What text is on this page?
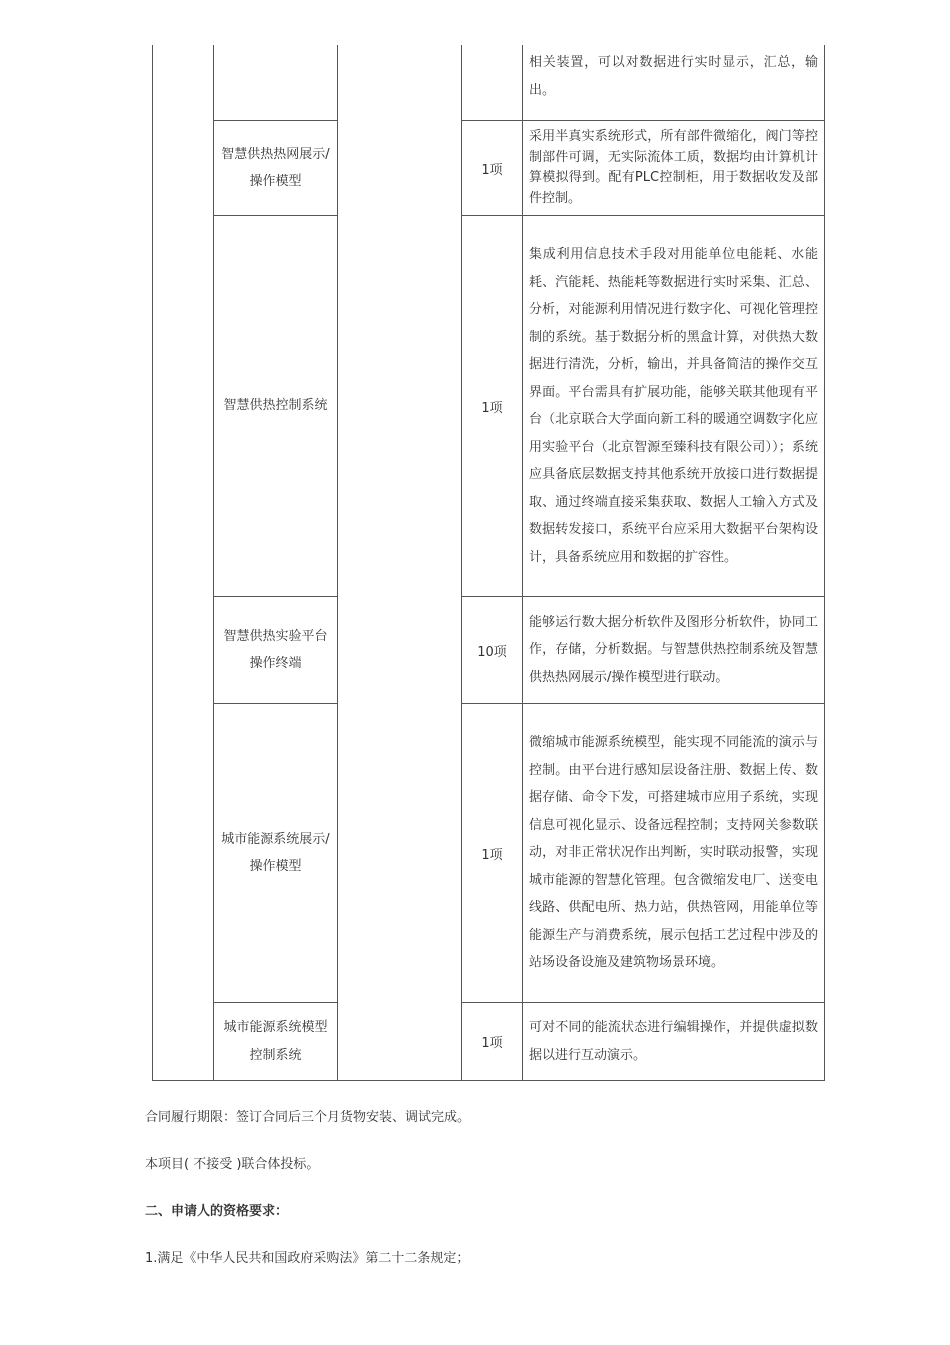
相关装置，可以对数据进行实时显示，汇总，输出。
智慧供热热网展示/操作模型
1项
采用半真实系统形式，所有部件微缩化，阀门等控制部件可调，无实际流体工质，数据均由计算机计算模拟得到。配有PLC控制柜，用于数据收发及部件控制。
智慧供热控制系统	1项
集成利用信息技术手段对用能单位电能耗、水能耗、汽能耗、热能耗等数据进行实时采集、汇总、分析，对能源利用情况进行数字化、可视化管理控制的系统。基于数据分析的黑盒计算，对供热大数据进行清洗，分析，输出，并具备简洁的操作交互界面。平台需具有扩展功能，能够关联其他现有平台（北京联合大学面向新工科的暖通空调数字化应用实验平台（北京智源至臻科技有限公司））；系统应具备底层数据支持其他系统开放接口进行数据提取、通过终端直接采集获取、数据人工输入方式及数据转发接口，系统平台应采用大数据平台架构设计，具备系统应用和数据的扩容性。
智慧供热实验平台操作终端
10项
能够运行数大据分析软件及图形分析软件，协同工作，存储，分析数据。与智慧供热控制系统及智慧供热热网展示/操作模型进行联动。
城市能源系统展示/操作模型
1项
微缩城市能源系统模型，能实现不同能流的演示与控制。由平台进行感知层设备注册、数据上传、数据存储、命令下发，可搭建城市应用子系统，实现信息可视化显示、设备远程控制；支持网关参数联动，对非正常状况作出判断，实时联动报警，实现城市能源的智慧化管理。包含微缩发电厂、送变电线路、供配电所、热力站，供热管网，用能单位等能源生产与消费系统，展示包括工艺过程中涉及的站场设备设施及建筑物场景环境。
城市能源系统模型控制系统
1项
可对不同的能流状态进行编辑操作，并提供虚拟数据以进行互动演示。
合同履行期限：签订合同后三个月货物安装、调试完成。
本项目( 不接受 )联合体投标。
二、申请人的资格要求：
1.满足《中华人民共和国政府采购法》第二十二条规定；
